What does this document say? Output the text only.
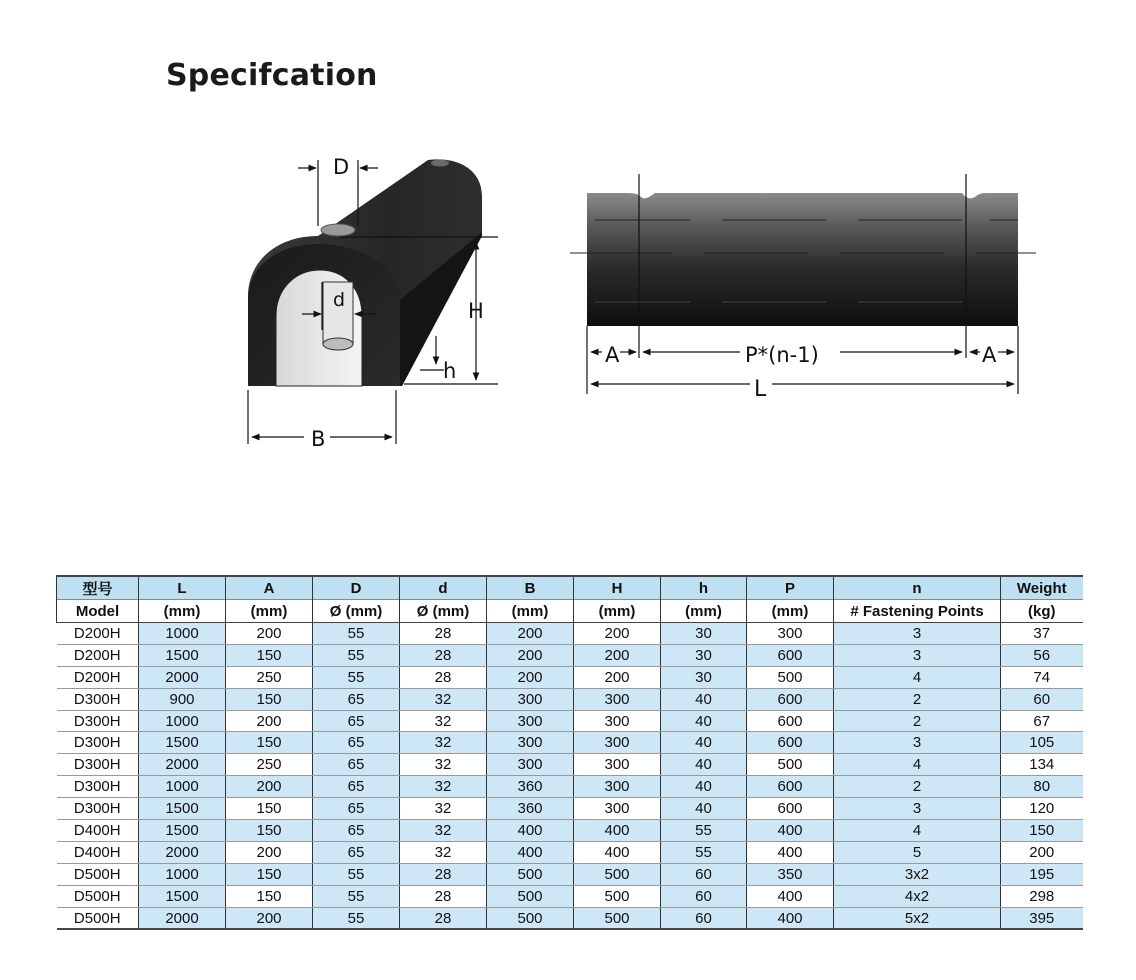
Specifcation
D
d	H
h
B
A	P*(n-1)	A
L
型号	L	A	D	d	B	H	h	P	n	Weight
Model	(mm)	(mm)	Ø (mm)	Ø (mm)	(mm)	(mm)	(mm)	(mm)	# Fastening Points	(kg)
D200H	1000	200	55	28	200	200	30	300	3	37
D200H	1500	150	55	28	200	200	30	600	3	56
D200H	2000	250	55	28	200	200	30	500	4	74
D300H	900	150	65	32	300	300	40	600	2	60
D300H	1000	200	65	32	300	300	40	600	2	67
D300H	1500	150	65	32	300	300	40	600	3	105
D300H	2000	250	65	32	300	300	40	500	4	134
D300H	1000	200	65	32	360	300	40	600	2	80
D300H	1500	150	65	32	360	300	40	600	3	120
D400H	1500	150	65	32	400	400	55	400	4	150
D400H	2000	200	65	32	400	400	55	400	5	200
D500H	1000	150	55	28	500	500	60	350	3x2	195
D500H	1500	150	55	28	500	500	60	400	4x2	298
D500H	2000	200	55	28	500	500	60	400	5x2	395
